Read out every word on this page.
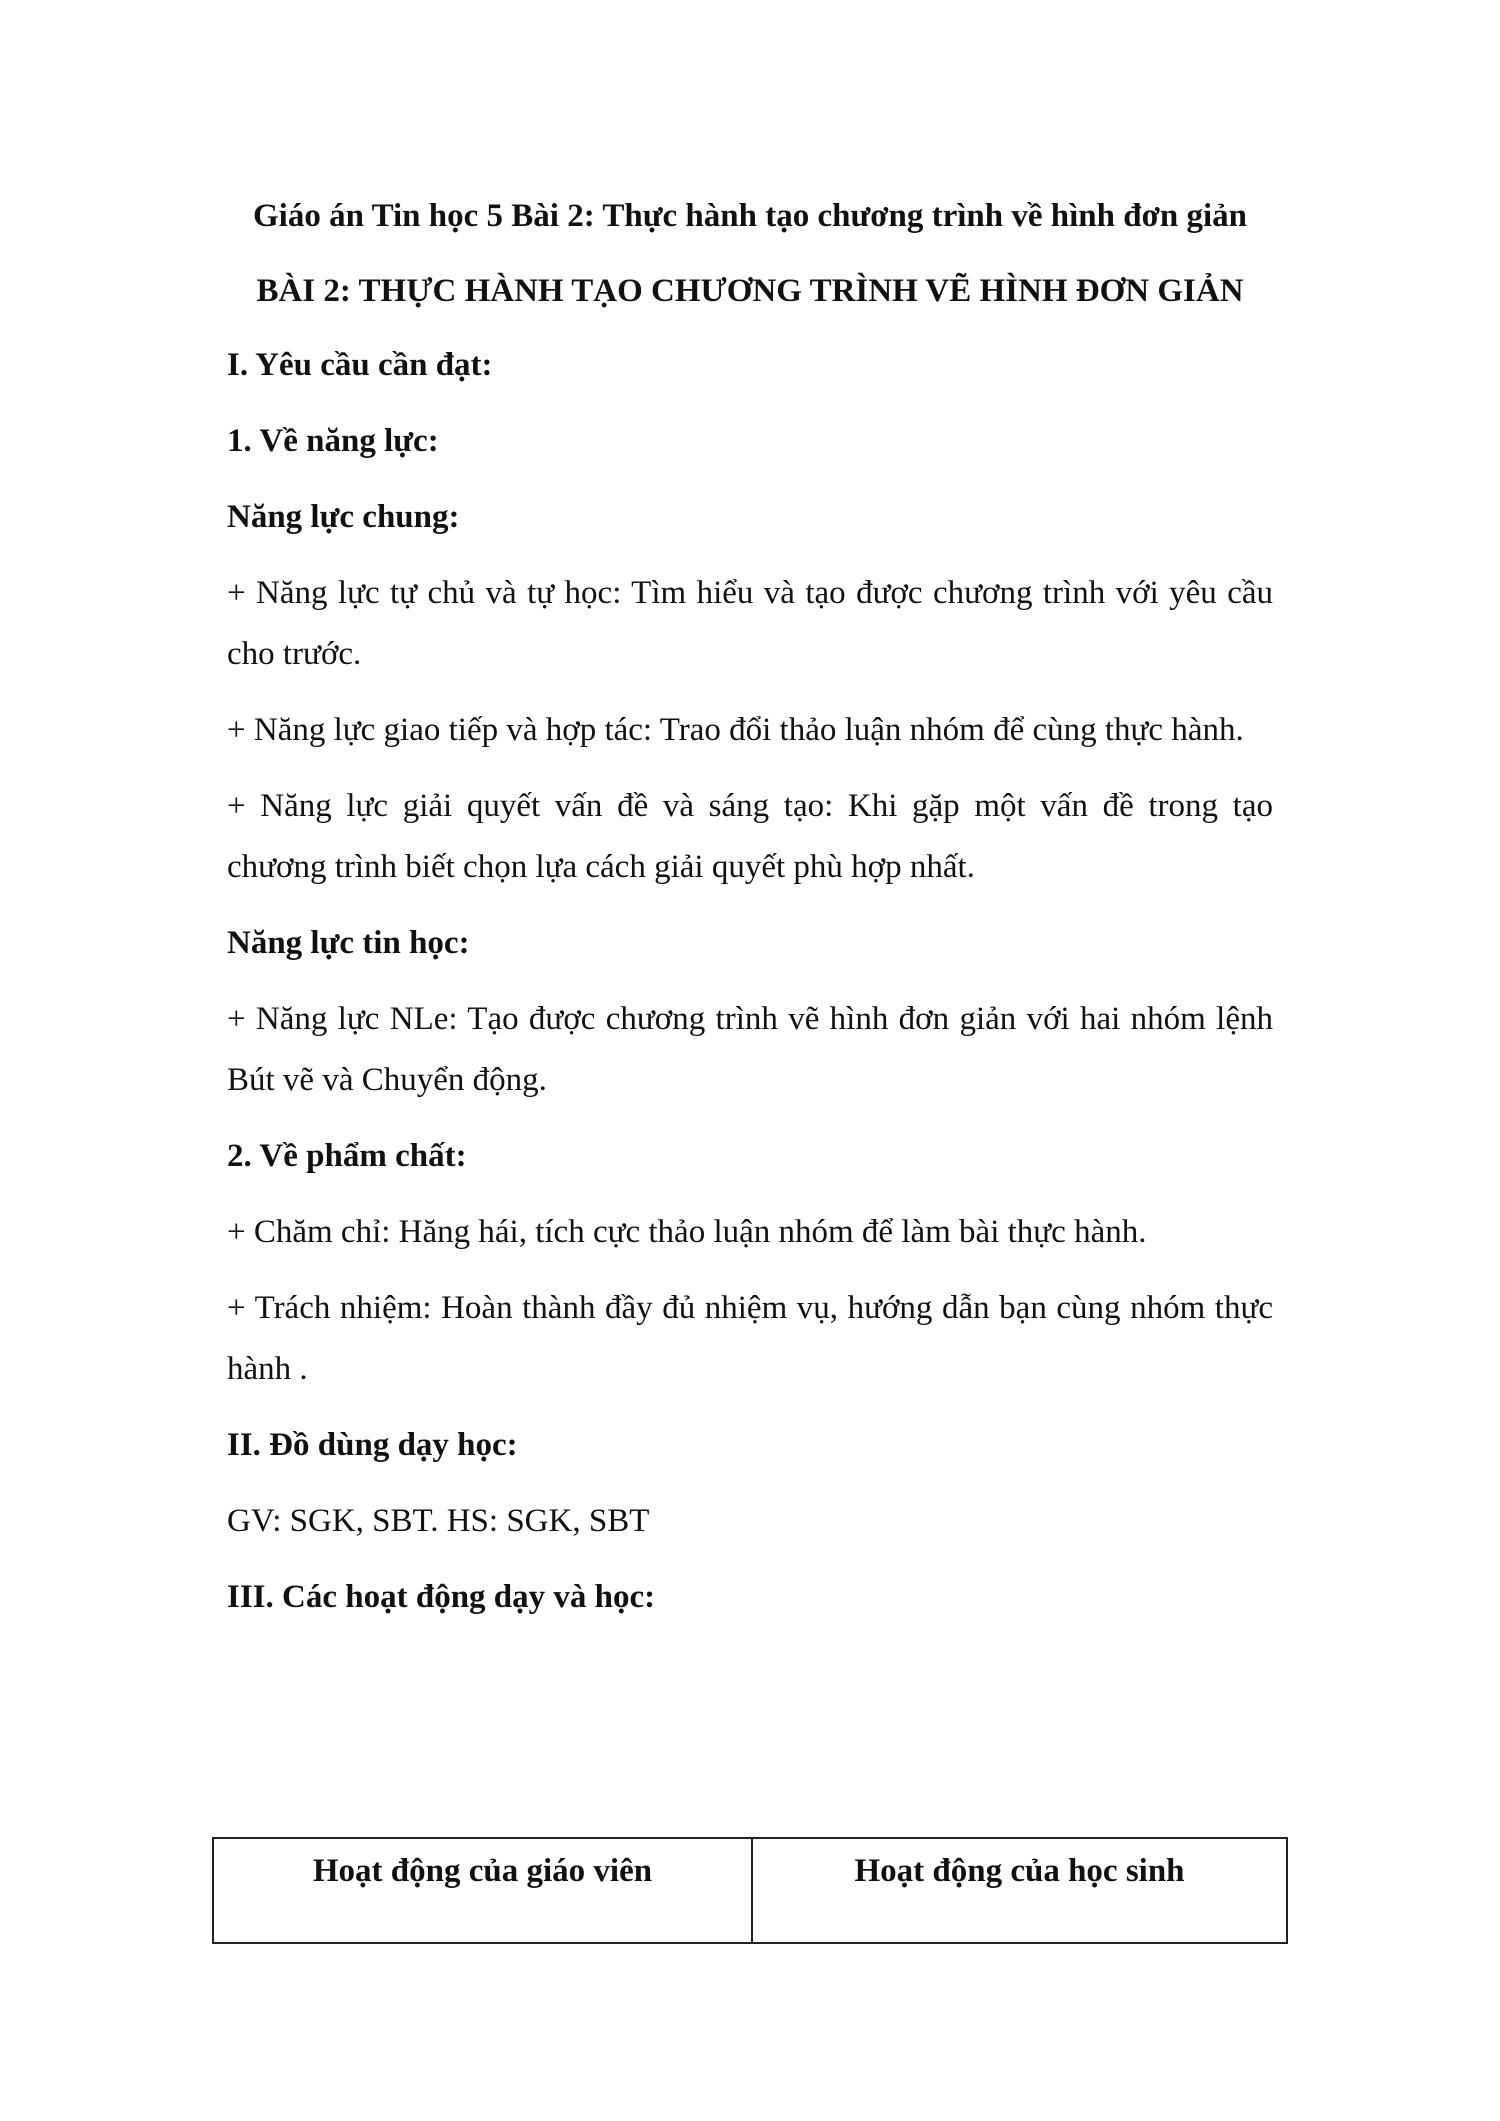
Giáo án Tin học 5 Bài 2: Thực hành tạo chương trình về hình đơn giản
BÀI 2: THỰC HÀNH TẠO CHƯƠNG TRÌNH VẼ HÌNH ĐƠN GIẢN
I. Yêu cầu cần đạt:
1. Về năng lực:
Năng lực chung:

+ Năng lực tự chủ và tự học: Tìm hiểu và tạo được chương trình với yêu cầu cho trước.

+ Năng lực giao tiếp và hợp tác: Trao đổi thảo luận nhóm để cùng thực hành.

+ Năng lực giải quyết vấn đề và sáng tạo: Khi gặp một vấn đề trong tạo chương trình biết chọn lựa cách giải quyết phù hợp nhất.

Năng lực tin học:

+ Năng lực NLe: Tạo được chương trình vẽ hình đơn giản với hai nhóm lệnh Bút vẽ và Chuyển động.

2. Về phẩm chất:

+ Chăm chỉ: Hăng hái, tích cực thảo luận nhóm để làm bài thực hành.

+ Trách nhiệm: Hoàn thành đầy đủ nhiệm vụ, hướng dẫn bạn cùng nhóm thực hành .

II. Đồ dùng dạy học:

GV: SGK, SBT. HS: SGK, SBT

III. Các hoạt động dạy và học:
Hoạt động của giáo viên	Hoạt động của học sinh
